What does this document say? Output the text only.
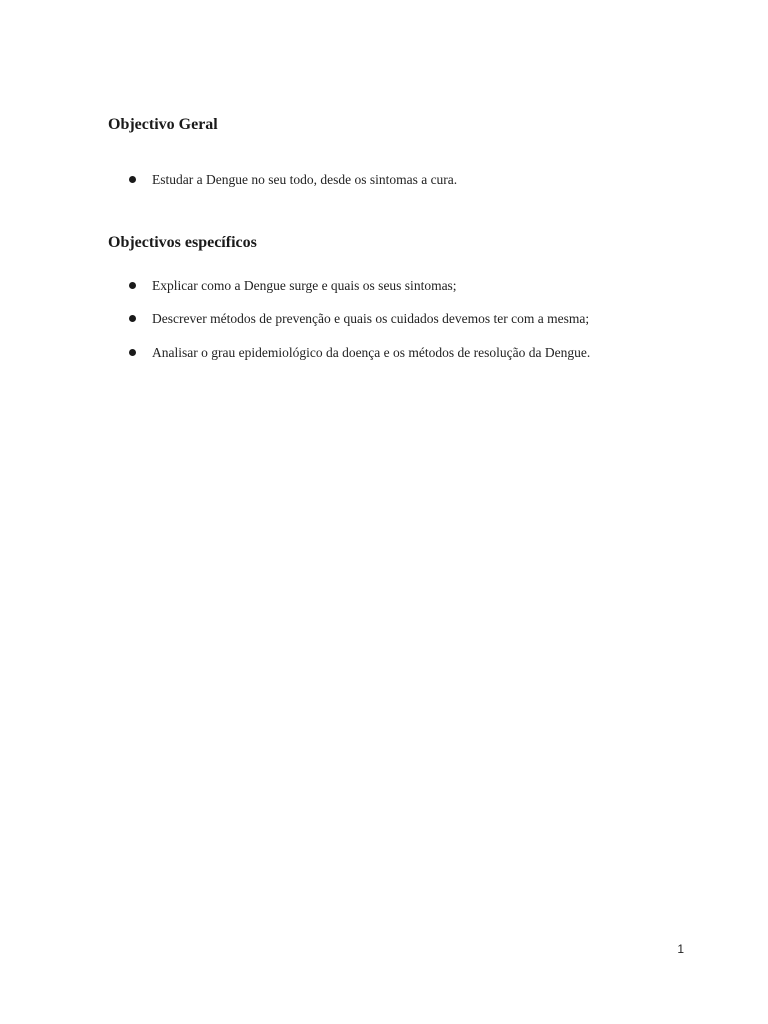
Objectivo Geral
Estudar a Dengue no seu todo, desde os sintomas a cura.
Objectivos específicos
Explicar como a Dengue surge e quais os seus sintomas;
Descrever métodos de prevenção e quais os cuidados devemos ter com a mesma;
Analisar o grau epidemiológico da doença e os métodos de resolução da Dengue.
1
